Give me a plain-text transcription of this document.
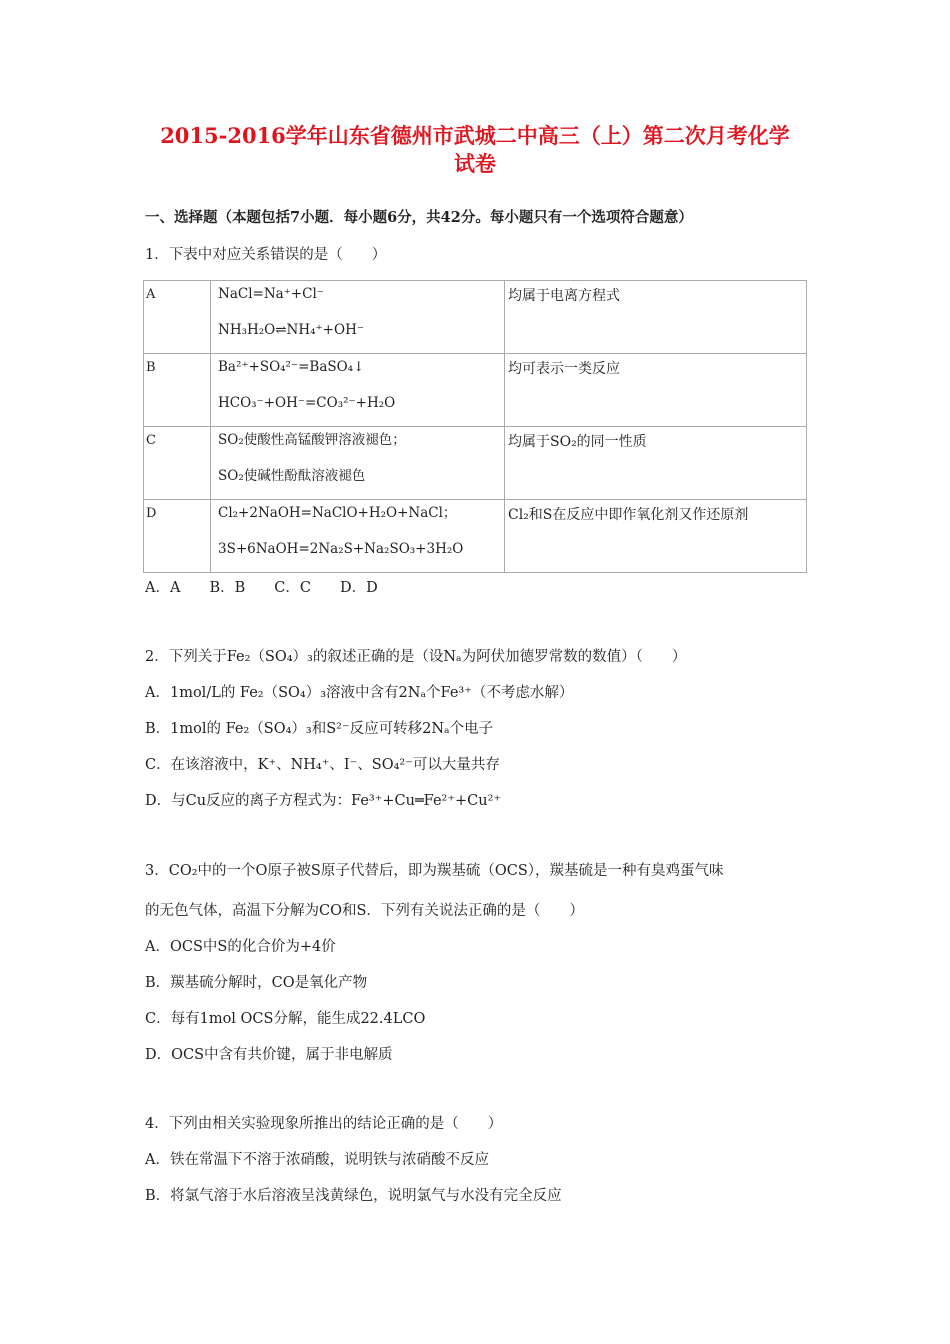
2015-2016学年山东省德州市武城二中高三（上）第二次月考化学
试卷
一、选择题（本题包括7小题．每小题6分，共42分。每小题只有一个选项符合题意）
1．下表中对应关系错误的是（　　）
A	NaCl=Na⁺+Cl⁻
NH₃H₂O⇌NH₄⁺+OH⁻	均属于电离方程式
B	Ba²⁺+SO₄²⁻=BaSO₄↓
HCO₃⁻+OH⁻=CO₃²⁻+H₂O	均可表示一类反应
C	SO₂使酸性高锰酸钾溶液褪色；
SO₂使碱性酚酞溶液褪色	均属于SO₂的同一性质
D	Cl₂+2NaOH=NaClO+H₂O+NaCl；
3S+6NaOH=2Na₂S+Na₂SO₃+3H₂O	Cl₂和S在反应中即作氧化剂又作还原剂
A．A　　B．B　　C．C　　D．D
2．下列关于Fe₂（SO₄）₃的叙述正确的是（设Nₐ为阿伏加德罗常数的数值）（　　）
A．1mol/L的 Fe₂（SO₄）₃溶液中含有2Nₐ个Fe³⁺（不考虑水解）
B．1mol的 Fe₂（SO₄）₃和S²⁻反应可转移2Nₐ个电子
C．在该溶液中，K⁺、NH₄⁺、I⁻、SO₄²⁻可以大量共存
D．与Cu反应的离子方程式为：Fe³⁺+Cu═Fe²⁺+Cu²⁺
3．CO₂中的一个O原子被S原子代替后，即为羰基硫（OCS），羰基硫是一种有臭鸡蛋气味
的无色气体，高温下分解为CO和S．下列有关说法正确的是（　　）
A．OCS中S的化合价为+4价
B．羰基硫分解时，CO是氧化产物
C．每有1mol OCS分解，能生成22.4LCO
D．OCS中含有共价键，属于非电解质
4．下列由相关实验现象所推出的结论正确的是（　　）
A．铁在常温下不溶于浓硝酸，说明铁与浓硝酸不反应
B．将氯气溶于水后溶液呈浅黄绿色，说明氯气与水没有完全反应
